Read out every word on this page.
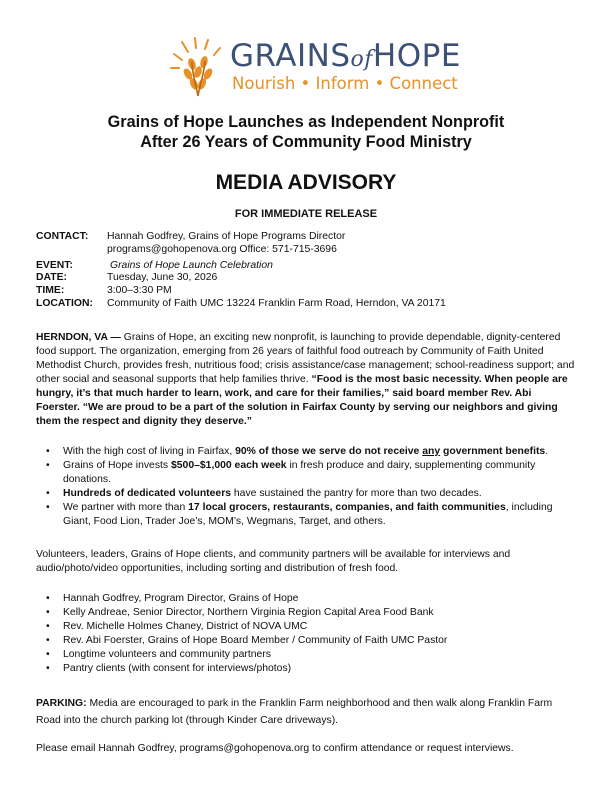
GRAINSofHOPE
Nourish • Inform • Connect
Grains of Hope Launches as Independent Nonprofit
After 26 Years of Community Food Ministry
MEDIA ADVISORY
FOR IMMEDIATE RELEASE
CONTACT:	Hannah Godfrey, Grains of Hope Programs Director
programs@gohopenova.org Office: 571-715-3696
EVENT:	Grains of Hope Launch Celebration
DATE:	Tuesday, June 30, 2026
TIME:	3:00–3:30 PM
LOCATION:	Community of Faith UMC 13224 Franklin Farm Road, Herndon, VA 20171
HERNDON, VA — Grains of Hope, an exciting new nonprofit, is launching to provide dependable, dignity-centered food support. The organization, emerging from 26 years of faithful food outreach by Community of Faith United Methodist Church, provides fresh, nutritious food; crisis assistance/case management; school-readiness support; and other social and seasonal supports that help families thrive. “Food is the most basic necessity. When people are hungry, it’s that much harder to learn, work, and care for their families,” said board member Rev. Abi Foerster. “We are proud to be a part of the solution in Fairfax County by serving our neighbors and giving them the respect and dignity they deserve.”
• With the high cost of living in Fairfax, 90% of those we serve do not receive any government benefits.
• Grains of Hope invests $500–$1,000 each week in fresh produce and dairy, supplementing community donations.
• Hundreds of dedicated volunteers have sustained the pantry for more than two decades.
• We partner with more than 17 local grocers, restaurants, companies, and faith communities, including Giant, Food Lion, Trader Joe’s, MOM’s, Wegmans, Target, and others.
Volunteers, leaders, Grains of Hope clients, and community partners will be available for interviews and audio/photo/video opportunities, including sorting and distribution of fresh food.
• Hannah Godfrey, Program Director, Grains of Hope
• Kelly Andreae, Senior Director, Northern Virginia Region Capital Area Food Bank
• Rev. Michelle Holmes Chaney, District of NOVA UMC
• Rev. Abi Foerster, Grains of Hope Board Member / Community of Faith UMC Pastor
• Longtime volunteers and community partners
• Pantry clients (with consent for interviews/photos)
PARKING: Media are encouraged to park in the Franklin Farm neighborhood and then walk along Franklin Farm Road into the church parking lot (through Kinder Care driveways).
Please email Hannah Godfrey, programs@gohopenova.org to confirm attendance or request interviews.
